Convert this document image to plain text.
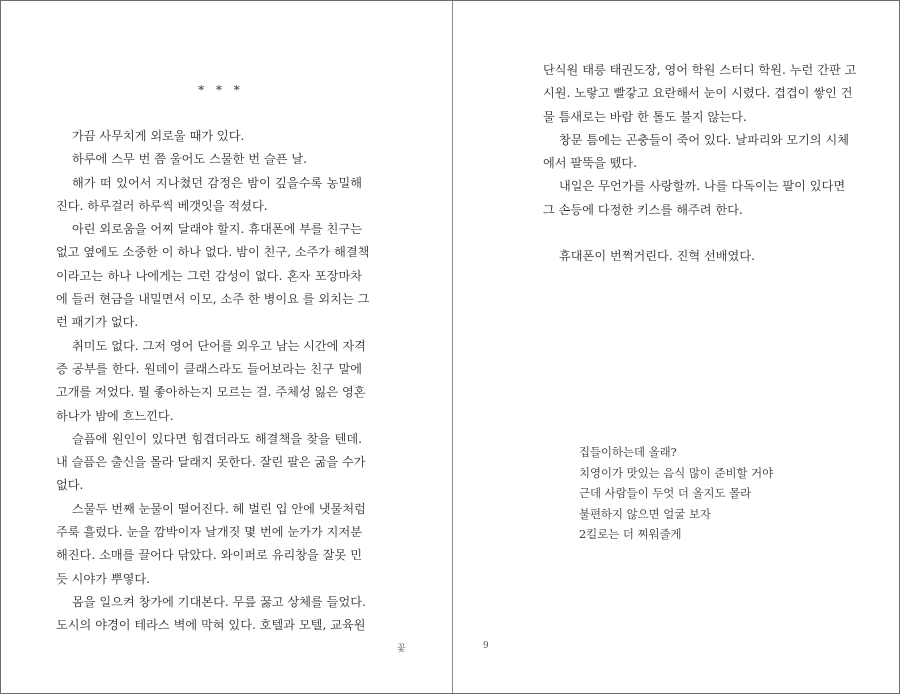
* * *
가끔 사무치게 외로울 때가 있다.
하루에 스무 번 쯤 울어도 스물한 번 슬픈 날.
해가 떠 있어서 지나쳤던 감정은 밤이 깊을수록 농밀해
진다. 하루걸러 하루씩 베갯잇을 적셨다.
아린 외로움을 어찌 달래야 할지. 휴대폰에 부를 친구는
없고 옆에도 소중한 이 하나 없다. 밤이 친구, 소주가 해결책
이라고는 하나 나에게는 그런 감성이 없다. 혼자 포장마차
에 들러 현금을 내밀면서 이모, 소주 한 병이요 를 외치는 그
런 패기가 없다.
취미도 없다. 그저 영어 단어를 외우고 남는 시간에 자격
증 공부를 한다. 원데이 클래스라도 들어보라는 친구 말에
고개를 저었다. 뭘 좋아하는지 모르는 걸. 주체성 잃은 영혼
하나가 밤에 흐느낀다.
슬픔에 원인이 있다면 힘겹더라도 해결책을 찾을 텐데.
내 슬픔은 출신을 몰라 달래지 못한다. 잘린 팔은 굶을 수가
없다.
스물두 번째 눈물이 떨어진다. 헤 벌린 입 안에 냇물처럼
주룩 흘렀다. 눈을 깜박이자 날개짓 몇 번에 눈가가 지저분
해진다. 소매를 끌어다 닦았다. 와이퍼로 유리창을 잘못 민
듯 시야가 뿌옇다.
몸을 일으켜 창가에 기대본다. 무릎 꿇고 상체를 들었다.
도시의 야경이 테라스 벽에 막혀 있다. 호텔과 모텔, 교육원
꽃
단식원 태릉 태권도장, 영어 학원 스터디 학원. 누런 간판 고
시원. 노랗고 빨갛고 요란해서 눈이 시렸다. 겹겹이 쌓인 건
물 틈새로는 바람 한 톨도 불지 않는다.
창문 틈에는 곤충들이 죽어 있다. 날파리와 모기의 시체
에서 팔뚝을 뗐다.
내일은 무언가를 사랑할까. 나를 다독이는 팔이 있다면
그 손등에 다정한 키스를 해주려 한다.
휴대폰이 번쩍거린다. 진혁 선배였다.
집들이하는데 올래?
치영이가 맛있는 음식 많이 준비할 거야
근데 사람들이 두엇 더 올지도 몰라
불편하지 않으면 얼굴 보자
2킬로는 더 찌워줄게
9
